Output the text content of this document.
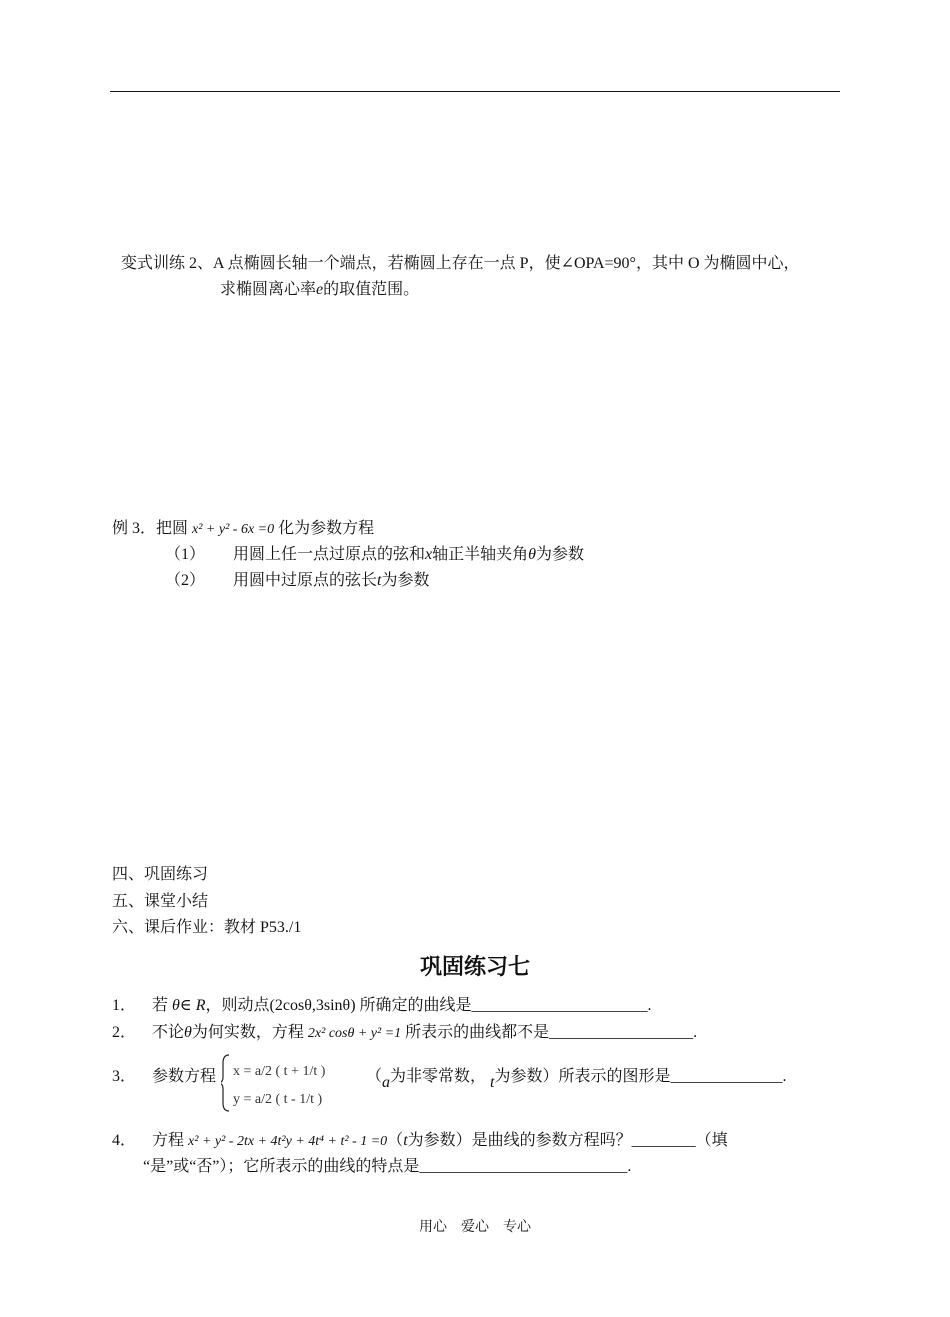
变式训练 2、A 点椭圆长轴一个端点，若椭圆上存在一点 P，使∠OPA=90°，其中 O 为椭圆中心，
求椭圆离心率e的取值范围。
例 3．把圆 x² + y² - 6x =0 化为参数方程
（1） 用圆上任一点过原点的弦和x轴正半轴夹角θ为参数
（2） 用圆中过原点的弦长t为参数
四、巩固练习
五、课堂小结
六、课后作业：教材 P53./1
巩固练习七
1． 若 θ∈ R，则动点(2cosθ,3sinθ) 所确定的曲线是______________________.
2． 不论θ为何实数，方程 2x² cosθ + y² =1 所表示的曲线都不是__________________.
3． 参数方程 x = a/2 ( t + 1/t )
y = a/2 ( t - 1/t )
（a为非零常数， t为参数）所表示的图形是______________.
4． 方程 x² + y² - 2tx + 4t²y + 4t⁴ + t² - 1 =0（t为参数）是曲线的参数方程吗？________（填
“是”或“否”）；它所表示的曲线的特点是__________________________.
用心　爱心　专心
